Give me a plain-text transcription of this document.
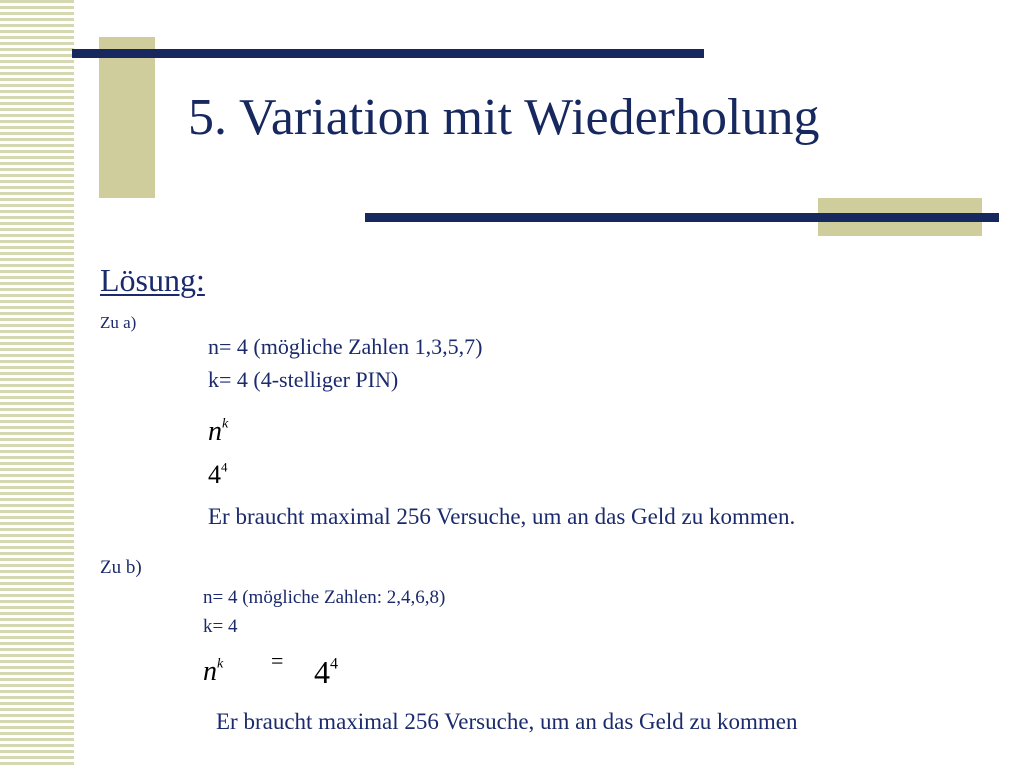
5. Variation mit Wiederholung
Lösung:
Zu a)
n= 4 (mögliche Zahlen 1,3,5,7)
k= 4 (4-stelliger PIN)
$n^k$
$4^4$
Er braucht maximal 256 Versuche, um an das Geld zu kommen.
Zu b)
n= 4 (mögliche Zahlen: 2,4,6,8)
k= 4
$n^k = 4^4$
Er braucht maximal 256 Versuche, um an das Geld zu kommen
